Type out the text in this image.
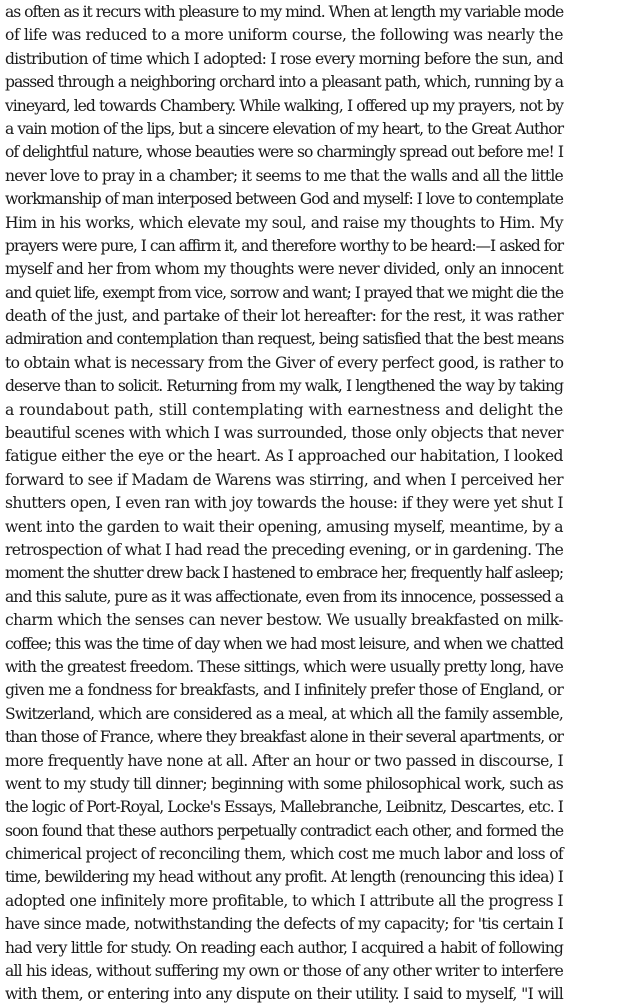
as often as it recurs with pleasure to my mind. When at length my variable mode
of life was reduced to a more uniform course, the following was nearly the
distribution of time which I adopted: I rose every morning before the sun, and
passed through a neighboring orchard into a pleasant path, which, running by a
vineyard, led towards Chambery. While walking, I offered up my prayers, not by
a vain motion of the lips, but a sincere elevation of my heart, to the Great Author
of delightful nature, whose beauties were so charmingly spread out before me! I
never love to pray in a chamber; it seems to me that the walls and all the little
workmanship of man interposed between God and myself: I love to contemplate
Him in his works, which elevate my soul, and raise my thoughts to Him. My
prayers were pure, I can affirm it, and therefore worthy to be heard:—I asked for
myself and her from whom my thoughts were never divided, only an innocent
and quiet life, exempt from vice, sorrow and want; I prayed that we might die the
death of the just, and partake of their lot hereafter: for the rest, it was rather
admiration and contemplation than request, being satisfied that the best means
to obtain what is necessary from the Giver of every perfect good, is rather to
deserve than to solicit. Returning from my walk, I lengthened the way by taking
a roundabout path, still contemplating with earnestness and delight the
beautiful scenes with which I was surrounded, those only objects that never
fatigue either the eye or the heart. As I approached our habitation, I looked
forward to see if Madam de Warens was stirring, and when I perceived her
shutters open, I even ran with joy towards the house: if they were yet shut I
went into the garden to wait their opening, amusing myself, meantime, by a
retrospection of what I had read the preceding evening, or in gardening. The
moment the shutter drew back I hastened to embrace her, frequently half asleep;
and this salute, pure as it was affectionate, even from its innocence, possessed a
charm which the senses can never bestow. We usually breakfasted on milk-
coffee; this was the time of day when we had most leisure, and when we chatted
with the greatest freedom. These sittings, which were usually pretty long, have
given me a fondness for breakfasts, and I infinitely prefer those of England, or
Switzerland, which are considered as a meal, at which all the family assemble,
than those of France, where they breakfast alone in their several apartments, or
more frequently have none at all. After an hour or two passed in discourse, I
went to my study till dinner; beginning with some philosophical work, such as
the logic of Port-Royal, Locke's Essays, Mallebranche, Leibnitz, Descartes, etc. I
soon found that these authors perpetually contradict each other, and formed the
chimerical project of reconciling them, which cost me much labor and loss of
time, bewildering my head without any profit. At length (renouncing this idea) I
adopted one infinitely more profitable, to which I attribute all the progress I
have since made, notwithstanding the defects of my capacity; for 'tis certain I
had very little for study. On reading each author, I acquired a habit of following
all his ideas, without suffering my own or those of any other writer to interfere
with them, or entering into any dispute on their utility. I said to myself, "I will
